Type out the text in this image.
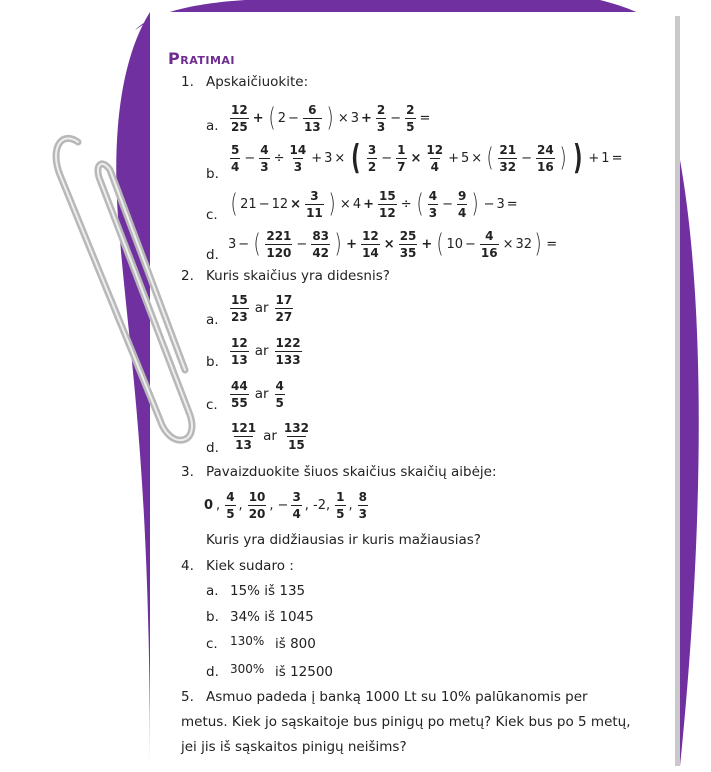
Pratimai
1. Apskaičiuokite:
a.
12
25
+ ( $2 - \frac{6}{13}$ ) × $3 + \frac{2}{3} - \frac{2}{5}$ =
b.
5
4
− $\frac{4}{3} \div \frac{14}{3} + 3$ × ( 3
2
− $\frac{1}{7} \times \frac{12}{4} + 5$ × ( 21
32
− $\frac{24}{16}$ ) ) + 1 =
c. ( $21 - 12 \times \frac{3}{11}$ ) × $4 + \frac{15}{12}$ ÷ ( 4
3
− $\frac{9}{4}$ ) − 3 =
d.
3 − ( 221
120
− $\frac{83}{42}$ ) + $\frac{12}{14} \times \frac{25}{35}$ + ( $10 - \frac{4}{16} \times 32$ ) =
2. Kuris skaičius yra didesnis?
a.
15
23
ar
17
27
b.
12
13
ar
122
133
c.
44
55
ar
4
5
d.
121
13
ar
132
15
3. Pavaizduokite šiuos skaičius skaičių aibėje:
0 ,
4
5
,
10
20
, − $\frac{3}{4}$ , -2,
1
5
,
8
3
Kuris yra didžiausias ir kuris mažiausias?
4. Kiek sudaro :
a. 15% iš 135
b. 34% iš 1045
c. 130% iš 800
d. 300% iš 12500
5. Asmuo padeda į banką 1000 Lt su 10% palūkanomis per
metus. Kiek jo sąskaitoje bus pinigų po metų? Kiek bus po 5 metų,
jei jis iš sąskaitos pinigų neišims?
